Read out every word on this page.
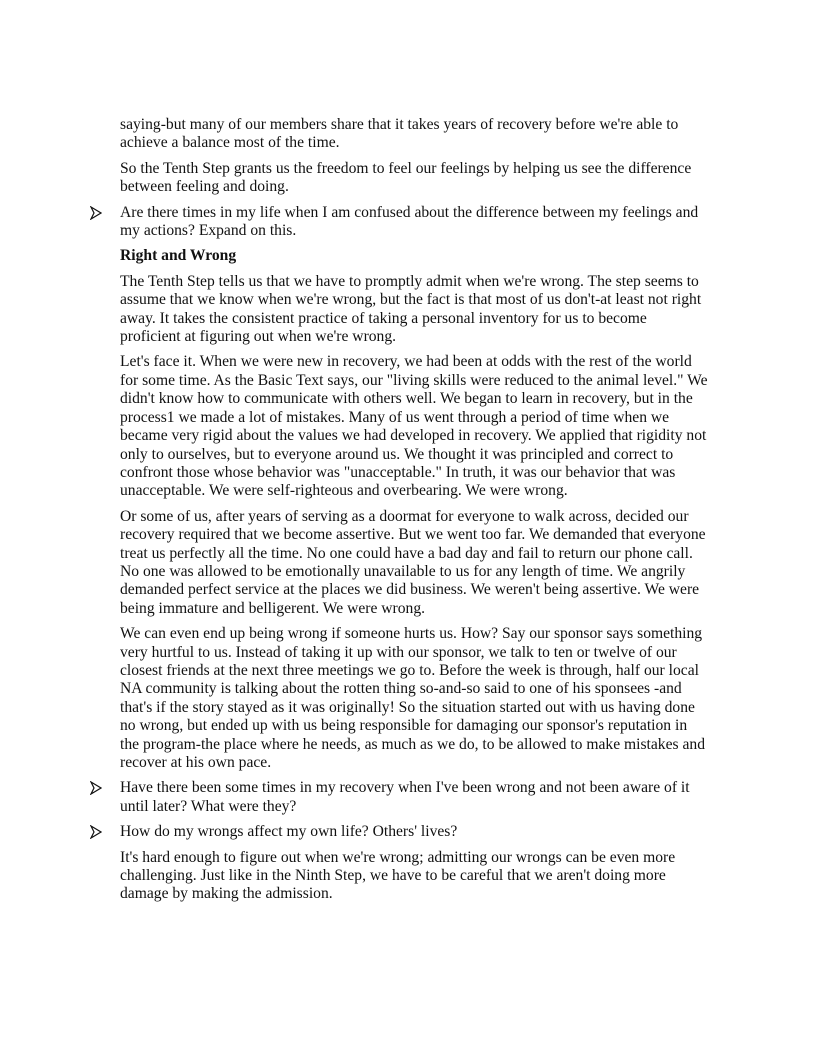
saying-but many of our members share that it takes years of recovery before we're able to achieve a balance most of the time.

So the Tenth Step grants us the freedom to feel our feelings by helping us see the difference between feeling and doing.

Are there times in my life when I am confused about the difference between my feelings and my actions? Expand on this.

Right and Wrong

The Tenth Step tells us that we have to promptly admit when we're wrong. The step seems to assume that we know when we're wrong, but the fact is that most of us don't-at least not right away. It takes the consistent practice of taking a personal inventory for us to become proficient at figuring out when we're wrong.

Let's face it. When we were new in recovery, we had been at odds with the rest of the world for some time. As the Basic Text says, our "living skills were reduced to the animal level." We didn't know how to communicate with others well. We began to learn in recovery, but in the process1 we made a lot of mistakes. Many of us went through a period of time when we became very rigid about the values we had developed in recovery. We applied that rigidity not only to ourselves, but to everyone around us. We thought it was principled and correct to confront those whose behavior was "unacceptable." In truth, it was our behavior that was unacceptable. We were self-righteous and overbearing. We were wrong.

Or some of us, after years of serving as a doormat for everyone to walk across, decided our recovery required that we become assertive. But we went too far. We demanded that everyone treat us perfectly all the time. No one could have a bad day and fail to return our phone call. No one was allowed to be emotionally unavailable to us for any length of time. We angrily demanded perfect service at the places we did business. We weren't being assertive. We were being immature and belligerent. We were wrong.

We can even end up being wrong if someone hurts us. How? Say our sponsor says something very hurtful to us. Instead of taking it up with our sponsor, we talk to ten or twelve of our closest friends at the next three meetings we go to. Before the week is through, half our local NA community is talking about the rotten thing so-and-so said to one of his sponsees -and that's if the story stayed as it was originally! So the situation started out with us having done no wrong, but ended up with us being responsible for damaging our sponsor's reputation in the program-the place where he needs, as much as we do, to be allowed to make mistakes and recover at his own pace.

Have there been some times in my recovery when I've been wrong and not been aware of it until later? What were they?

How do my wrongs affect my own life? Others' lives?

It's hard enough to figure out when we're wrong; admitting our wrongs can be even more challenging. Just like in the Ninth Step, we have to be careful that we aren't doing more damage by making the admission.
